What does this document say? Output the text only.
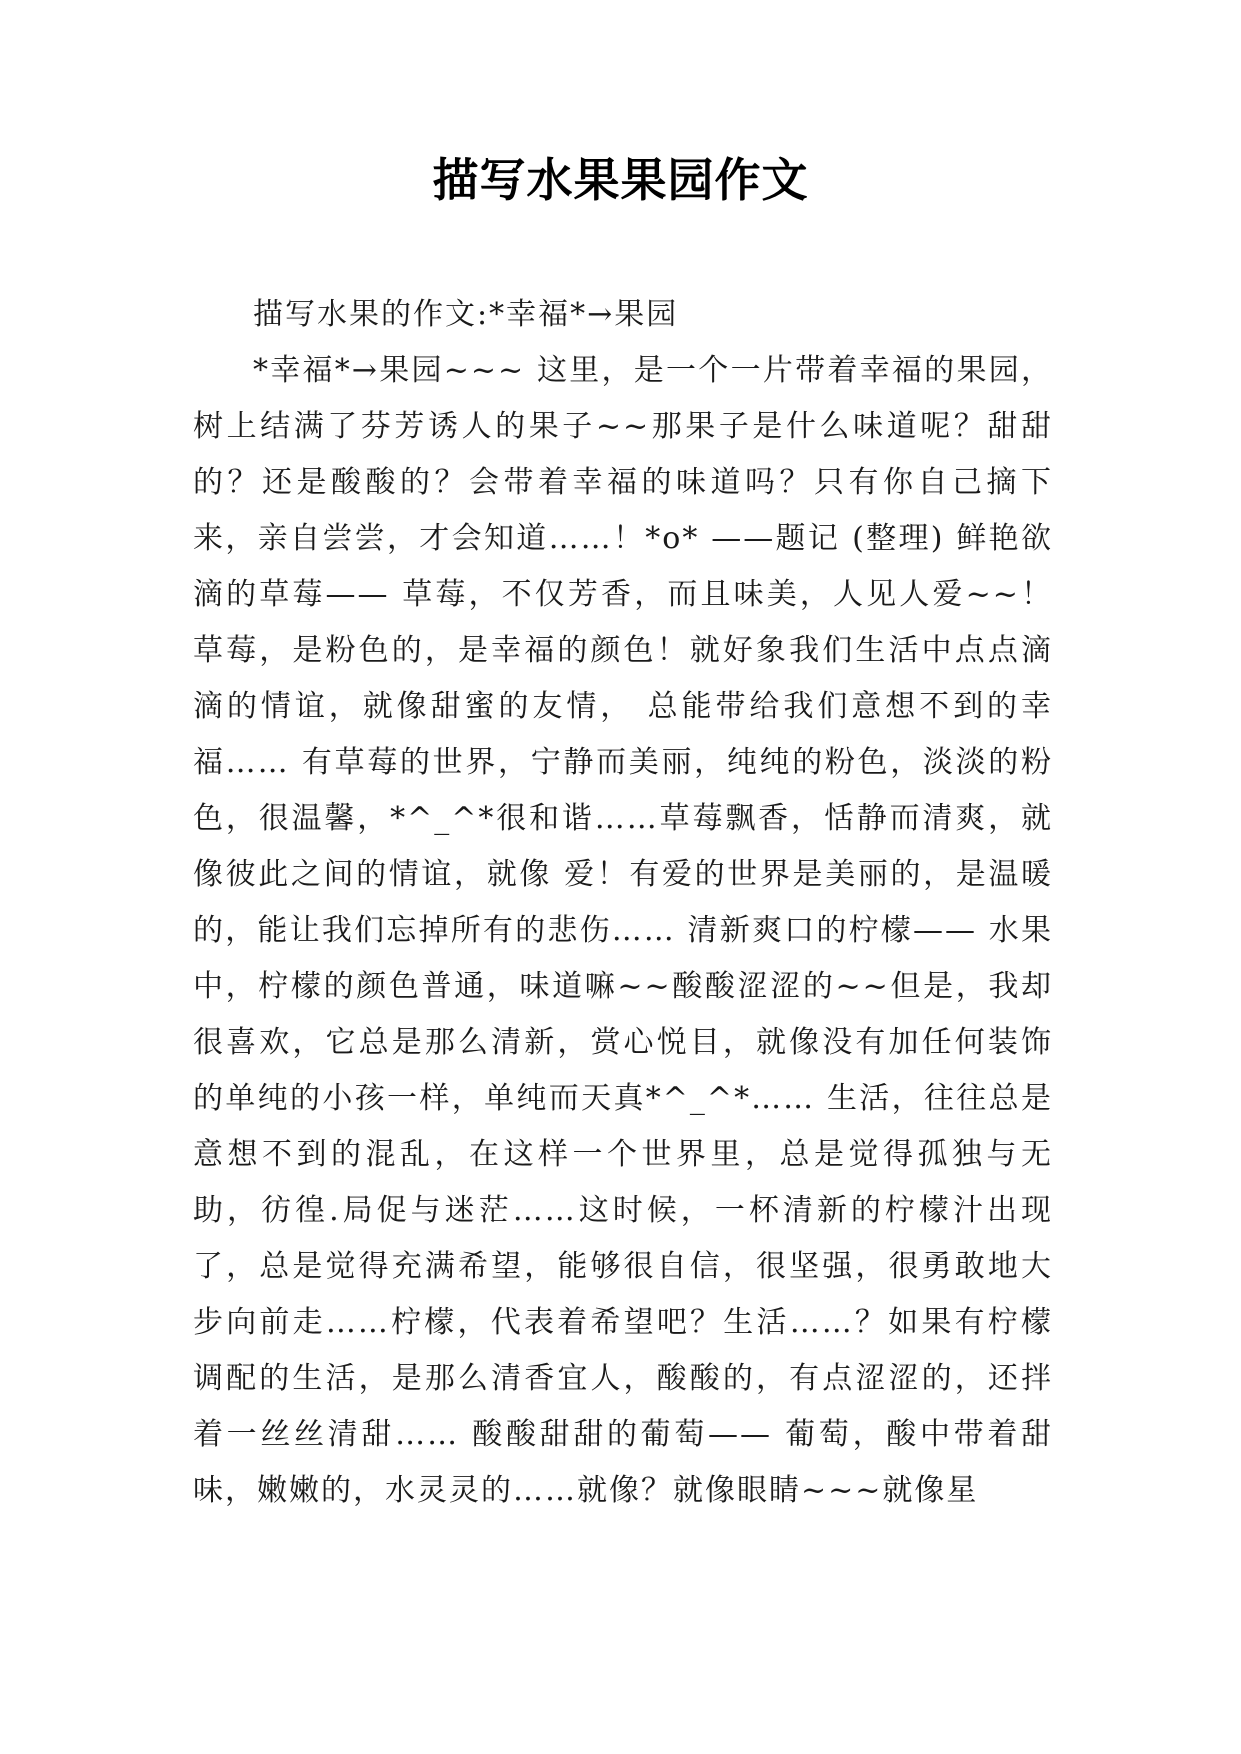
描写水果果园作文

描写水果的作文:*幸福*→果园

*幸福*→果园~~~ 这里，是一个一片带着幸福的果园，树上结满了芬芳诱人的果子~~那果子是什么味道呢？甜甜的？还是酸酸的？会带着幸福的味道吗？只有你自己摘下来，亲自尝尝，才会知道……！*o* ——题记 (整理) 鲜艳欲滴的草莓—— 草莓，不仅芳香，而且味美，人见人爱~~！草莓，是粉色的，是幸福的颜色！就好象我们生活中点点滴滴的情谊，就像甜蜜的友情， 总能带给我们意想不到的幸福…… 有草莓的世界，宁静而美丽，纯纯的粉色，淡淡的粉色，很温馨，*^_^*很和谐……草莓飘香，恬静而清爽，就像彼此之间的情谊，就像 爱！有爱的世界是美丽的，是温暖的，能让我们忘掉所有的悲伤…… 清新爽口的柠檬—— 水果中，柠檬的颜色普通，味道嘛~~酸酸涩涩的~~但是，我却很喜欢，它总是那么清新，赏心悦目，就像没有加任何装饰的单纯的小孩一样，单纯而天真*^_^*…… 生活，往往总是意想不到的混乱，在这样一个世界里，总是觉得孤独与无助，彷徨.局促与迷茫……这时候，一杯清新的柠檬汁出现了，总是觉得充满希望，能够很自信，很坚强，很勇敢地大步向前走……柠檬，代表着希望吧？生活……？如果有柠檬调配的生活，是那么清香宜人，酸酸的，有点涩涩的，还拌着一丝丝清甜…… 酸酸甜甜的葡萄—— 葡萄，酸中带着甜味，嫩嫩的，水灵灵的……就像？就像眼睛~~~就像星
